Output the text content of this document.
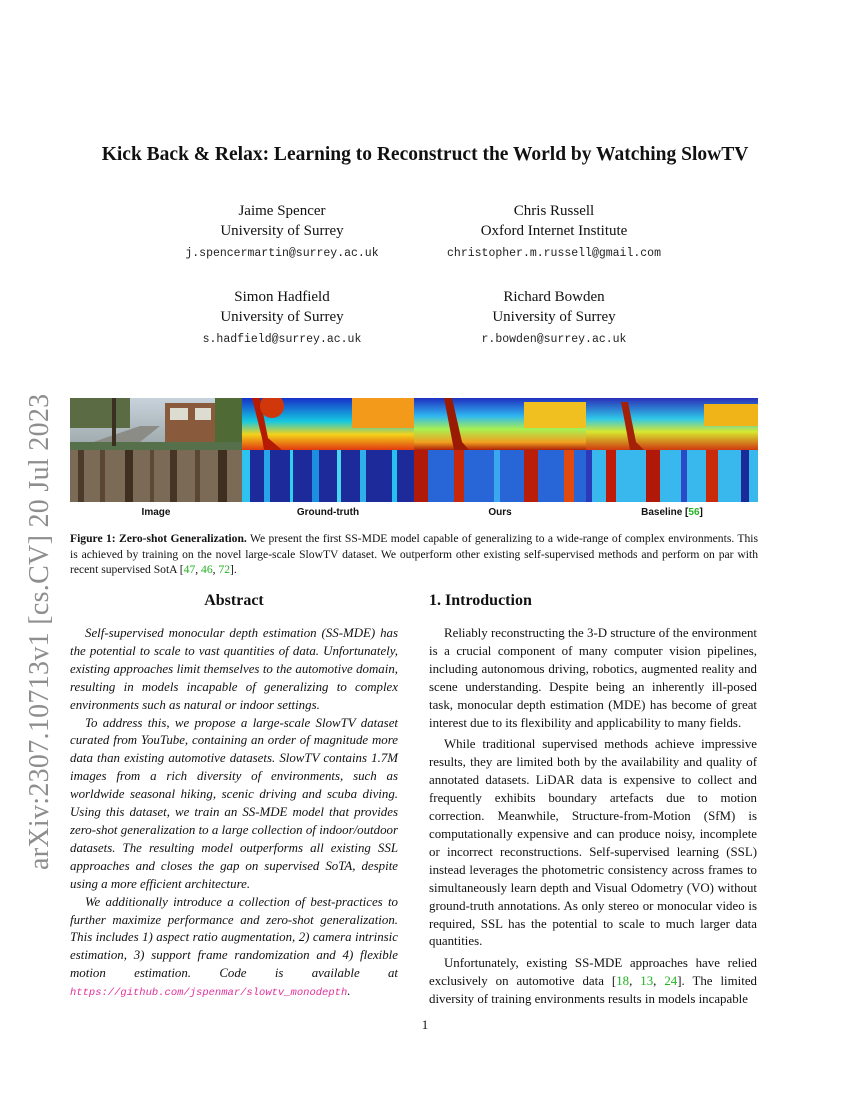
arXiv:2307.10713v1 [cs.CV] 20 Jul 2023
Kick Back & Relax: Learning to Reconstruct the World by Watching SlowTV
Jaime Spencer
University of Surrey
j.spencermartin@surrey.ac.uk
Chris Russell
Oxford Internet Institute
christopher.m.russell@gmail.com
Simon Hadfield
University of Surrey
s.hadfield@surrey.ac.uk
Richard Bowden
University of Surrey
r.bowden@surrey.ac.uk
Image	Ground-truth	Ours	Baseline [56]
Figure 1: Zero-shot Generalization. We present the first SS-MDE model capable of generalizing to a wide-range of complex environments. This is achieved by training on the novel large-scale SlowTV dataset. We outperform other existing self-supervised methods and perform on par with recent supervised SotA [47, 46, 72].
Abstract

Self-supervised monocular depth estimation (SS-MDE) has the potential to scale to vast quantities of data. Unfortunately, existing approaches limit themselves to the automotive domain, resulting in models incapable of generalizing to complex environments such as natural or indoor settings.

To address this, we propose a large-scale SlowTV dataset curated from YouTube, containing an order of magnitude more data than existing automotive datasets. SlowTV contains 1.7M images from a rich diversity of environments, such as worldwide seasonal hiking, scenic driving and scuba diving. Using this dataset, we train an SS-MDE model that provides zero-shot generalization to a large collection of indoor/outdoor datasets. The resulting model outperforms all existing SSL approaches and closes the gap on supervised SoTA, despite using a more efficient architecture.

We additionally introduce a collection of best-practices to further maximize performance and zero-shot generalization. This includes 1) aspect ratio augmentation, 2) camera intrinsic estimation, 3) support frame randomization and 4) flexible motion estimation. Code is available at https://github.com/jspenmar/slowtv_monodepth.

1. Introduction

Reliably reconstructing the 3-D structure of the environment is a crucial component of many computer vision pipelines, including autonomous driving, robotics, augmented reality and scene understanding. Despite being an inherently ill-posed task, monocular depth estimation (MDE) has become of great interest due to its flexibility and applicability to many fields.

While traditional supervised methods achieve impressive results, they are limited both by the availability and quality of annotated datasets. LiDAR data is expensive to collect and frequently exhibits boundary artefacts due to motion correction. Meanwhile, Structure-from-Motion (SfM) is computationally expensive and can produce noisy, incomplete or incorrect reconstructions. Self-supervised learning (SSL) instead leverages the photometric consistency across frames to simultaneously learn depth and Visual Odometry (VO) without ground-truth annotations. As only stereo or monocular video is required, SSL has the potential to scale to much larger data quantities.

Unfortunately, existing SS-MDE approaches have relied exclusively on automotive data [18, 13, 24]. The limited diversity of training environments results in models incapable

1
